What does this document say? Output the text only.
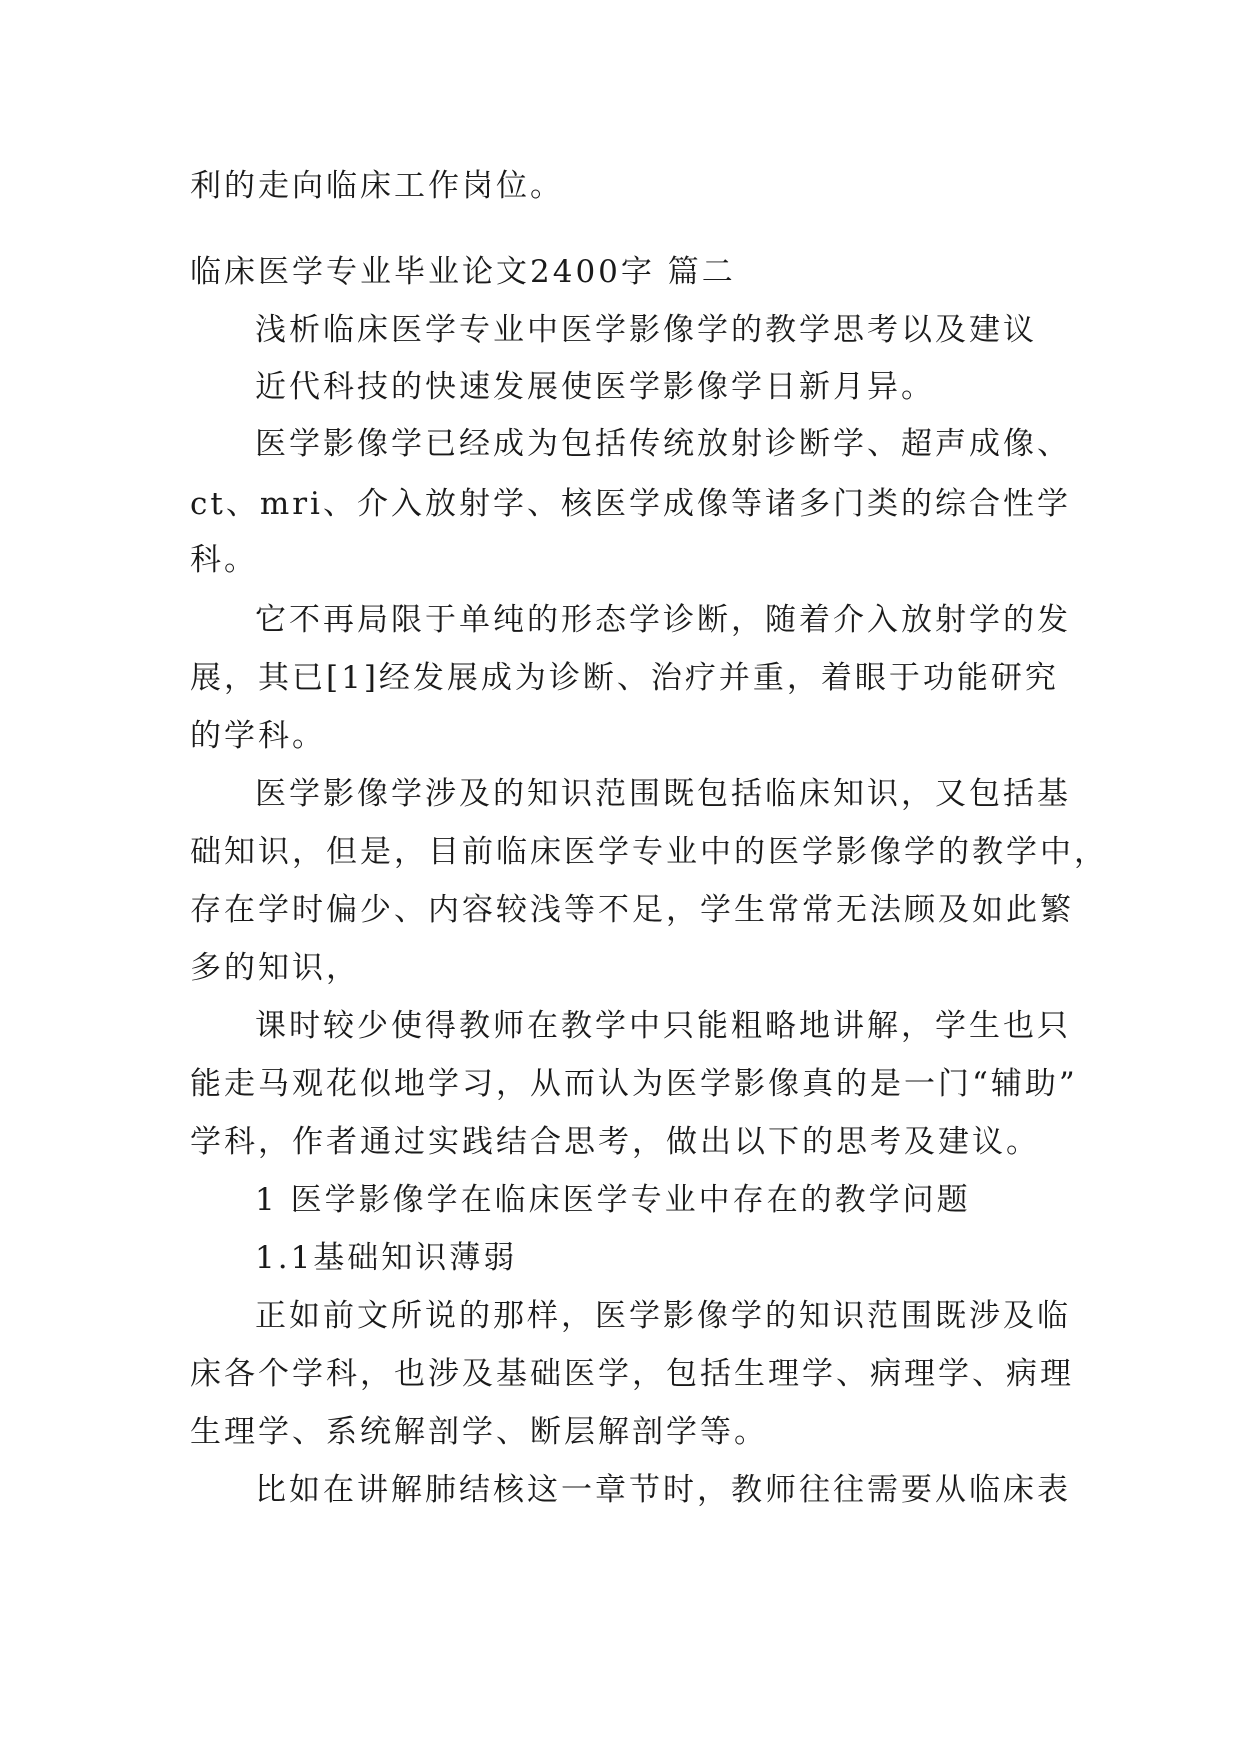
利的走向临床工作岗位。

临床医学专业毕业论文2400字 篇二

浅析临床医学专业中医学影像学的教学思考以及建议

近代科技的快速发展使医学影像学日新月异。

医学影像学已经成为包括传统放射诊断学、超声成像、

ct、mri、介入放射学、核医学成像等诸多门类的综合性学

科。

它不再局限于单纯的形态学诊断，随着介入放射学的发

展，其已[1]经发展成为诊断、治疗并重，着眼于功能研究

的学科。

医学影像学涉及的知识范围既包括临床知识，又包括基

础知识，但是，目前临床医学专业中的医学影像学的教学中，

存在学时偏少、内容较浅等不足，学生常常无法顾及如此繁

多的知识，

课时较少使得教师在教学中只能粗略地讲解，学生也只

能走马观花似地学习，从而认为医学影像真的是一门“辅助”

学科，作者通过实践结合思考，做出以下的思考及建议。

1 医学影像学在临床医学专业中存在的教学问题

1.1基础知识薄弱

正如前文所说的那样，医学影像学的知识范围既涉及临

床各个学科，也涉及基础医学，包括生理学、病理学、病理

生理学、系统解剖学、断层解剖学等。

比如在讲解肺结核这一章节时，教师往往需要从临床表
